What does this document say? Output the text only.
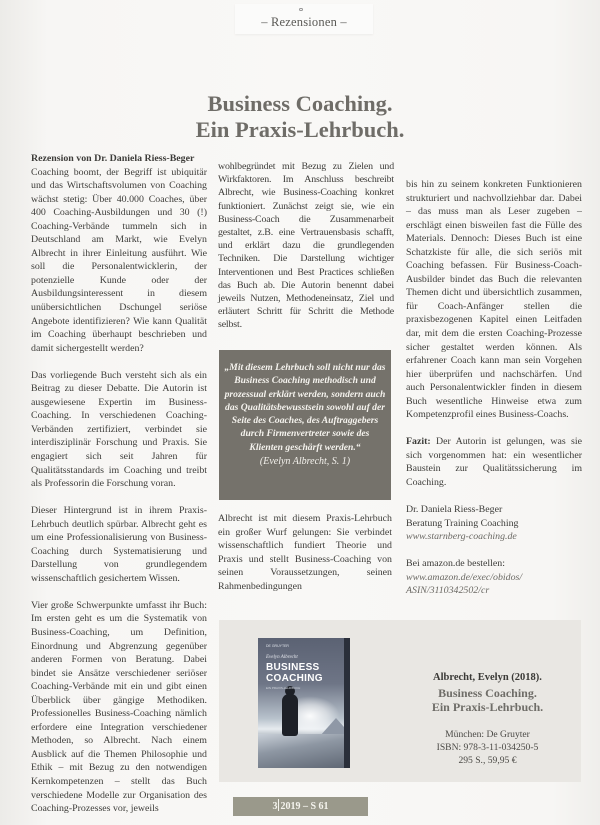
– Rezensionen –
Business Coaching.
Ein Praxis-Lehrbuch.
Rezension von Dr. Daniela Riess-Beger

Coaching boomt, der Begriff ist ubiquitär und das Wirtschaftsvolumen von Coaching wächst stetig: Über 40.000 Coaches, über 400 Coaching-Ausbildungen und 30 (!) Coaching-Verbände tummeln sich in Deutschland am Markt, wie Evelyn Albrecht in ihrer Einleitung ausführt. Wie soll die Personalentwicklerin, der potenzielle Kunde oder der Ausbildungsinteressent in diesem unübersichtlichen Dschungel seriöse Angebote identifizieren? Wie kann Qualität im Coaching überhaupt beschrieben und damit sichergestellt werden?

Das vorliegende Buch versteht sich als ein Beitrag zu dieser Debatte. Die Autorin ist ausgewiesene Expertin im Business-Coaching. In verschiedenen Coaching-Verbänden zertifiziert, verbindet sie interdisziplinär Forschung und Praxis. Sie engagiert sich seit Jahren für Qualitätsstandards im Coaching und treibt als Professorin die Forschung voran.

Dieser Hintergrund ist in ihrem Praxis-Lehrbuch deutlich spürbar. Albrecht geht es um eine Professionalisierung von Business-Coaching durch Systematisierung und Darstellung von grundlegendem wissenschaftlich gesichertem Wissen.

Vier große Schwerpunkte umfasst ihr Buch: Im ersten geht es um die Systematik von Business-Coaching, um Definition, Einordnung und Abgrenzung gegenüber anderen Formen von Beratung. Dabei bindet sie Ansätze verschiedener seriöser Coaching-Verbände mit ein und gibt einen Überblick über gängige Methodiken. Professionelles Business-Coaching nämlich erfordere eine Integration verschiedener Methoden, so Albrecht. Nach einem Ausblick auf die Themen Philosophie und Ethik – mit Bezug zu den notwendigen Kernkompetenzen – stellt das Buch verschiedene Modelle zur Organisation des Coaching-Prozesses vor, jeweils

wohlbegründet mit Bezug zu Zielen und Wirkfaktoren. Im Anschluss beschreibt Albrecht, wie Business-Coaching konkret funktioniert. Zunächst zeigt sie, wie ein Business-Coach die Zusammenarbeit gestaltet, z.B. eine Vertrauensbasis schafft, und erklärt dazu die grundlegenden Techniken. Die Darstellung wichtiger Interventionen und Best Practices schließen das Buch ab. Die Autorin benennt dabei jeweils Nutzen, Methodeneinsatz, Ziel und erläutert Schritt für Schritt die Methode selbst.

„Mit diesem Lehrbuch soll nicht nur das Business Coaching methodisch und prozessual erklärt werden, sondern auch das Qualitätsbewusstsein sowohl auf der Seite des Coaches, des Auftraggebers durch Firmenvertreter sowie des Klienten geschärft werden.“
(Evelyn Albrecht, S. 1)

Albrecht ist mit diesem Praxis-Lehrbuch ein großer Wurf gelungen: Sie verbindet wissenschaftlich fundiert Theorie und Praxis und stellt Business-Coaching von seinen Voraussetzungen, seinen Rahmenbedingungen

bis hin zu seinem konkreten Funktionieren strukturiert und nachvollziehbar dar. Dabei – das muss man als Leser zugeben – erschlägt einen bisweilen fast die Fülle des Materials. Dennoch: Dieses Buch ist eine Schatzkiste für alle, die sich seriös mit Coaching befassen. Für Business-Coach-Ausbilder bindet das Buch die relevanten Themen dicht und übersichtlich zusammen, für Coach-Anfänger stellen die praxisbezogenen Kapitel einen Leitfaden dar, mit dem die ersten Coaching-Prozesse sicher gestaltet werden können. Als erfahrener Coach kann man sein Vorgehen hier überprüfen und nachschärfen. Und auch Personalentwickler finden in diesem Buch wesentliche Hinweise etwa zum Kompetenzprofil eines Business-Coachs.

Fazit: Der Autorin ist gelungen, was sie sich vorgenommen hat: ein wesentlicher Baustein zur Qualitätssicherung im Coaching.

Dr. Daniela Riess-Beger
Beratung Training Coaching
www.starnberg-coaching.de

Bei amazon.de bestellen:
www.amazon.de/exec/obidos/
ASIN/3110342502/cr

DE GRUYTER
Evelyn Albrecht
BUSINESS
COACHING
EIN PRAXIS-LEHRBUCH
Albrecht, Evelyn (2018).
Business Coaching.
Ein Praxis-Lehrbuch.
München: De Gruyter
ISBN: 978-3-11-034250-5
295 S., 59,95 €
3 2019 – S 61
